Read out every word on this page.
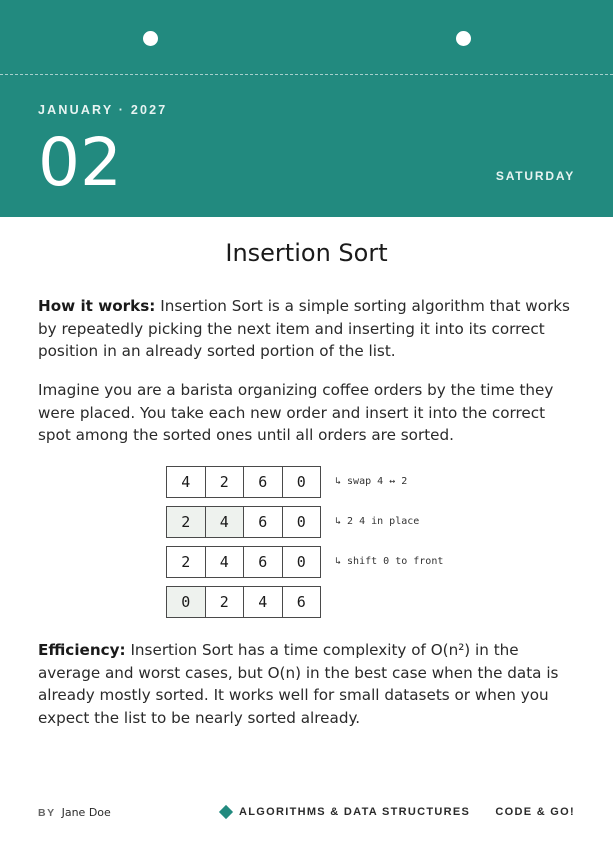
JANUARY · 2027
02	SATURDAY
Insertion Sort
How it works: Insertion Sort is a simple sorting algorithm that works by repeatedly picking the next item and inserting it into its correct position in an already sorted portion of the list.
Imagine you are a barista organizing coffee orders by the time they were placed. You take each new order and insert it into the correct spot among the sorted ones until all orders are sorted.
4	2	6	0	↳ swap 4 ↔ 2
2	4	6	0	↳ 2 4 in place
2	4	6	0	↳ shift 0 to front
0	2	4	6
Efficiency: Insertion Sort has a time complexity of O(n²) in the average and worst cases, but O(n) in the best case when the data is already mostly sorted. It works well for small datasets or when you expect the list to be nearly sorted already.
BY Jane Doe	ALGORITHMS & DATA STRUCTURES CODE & GO!
